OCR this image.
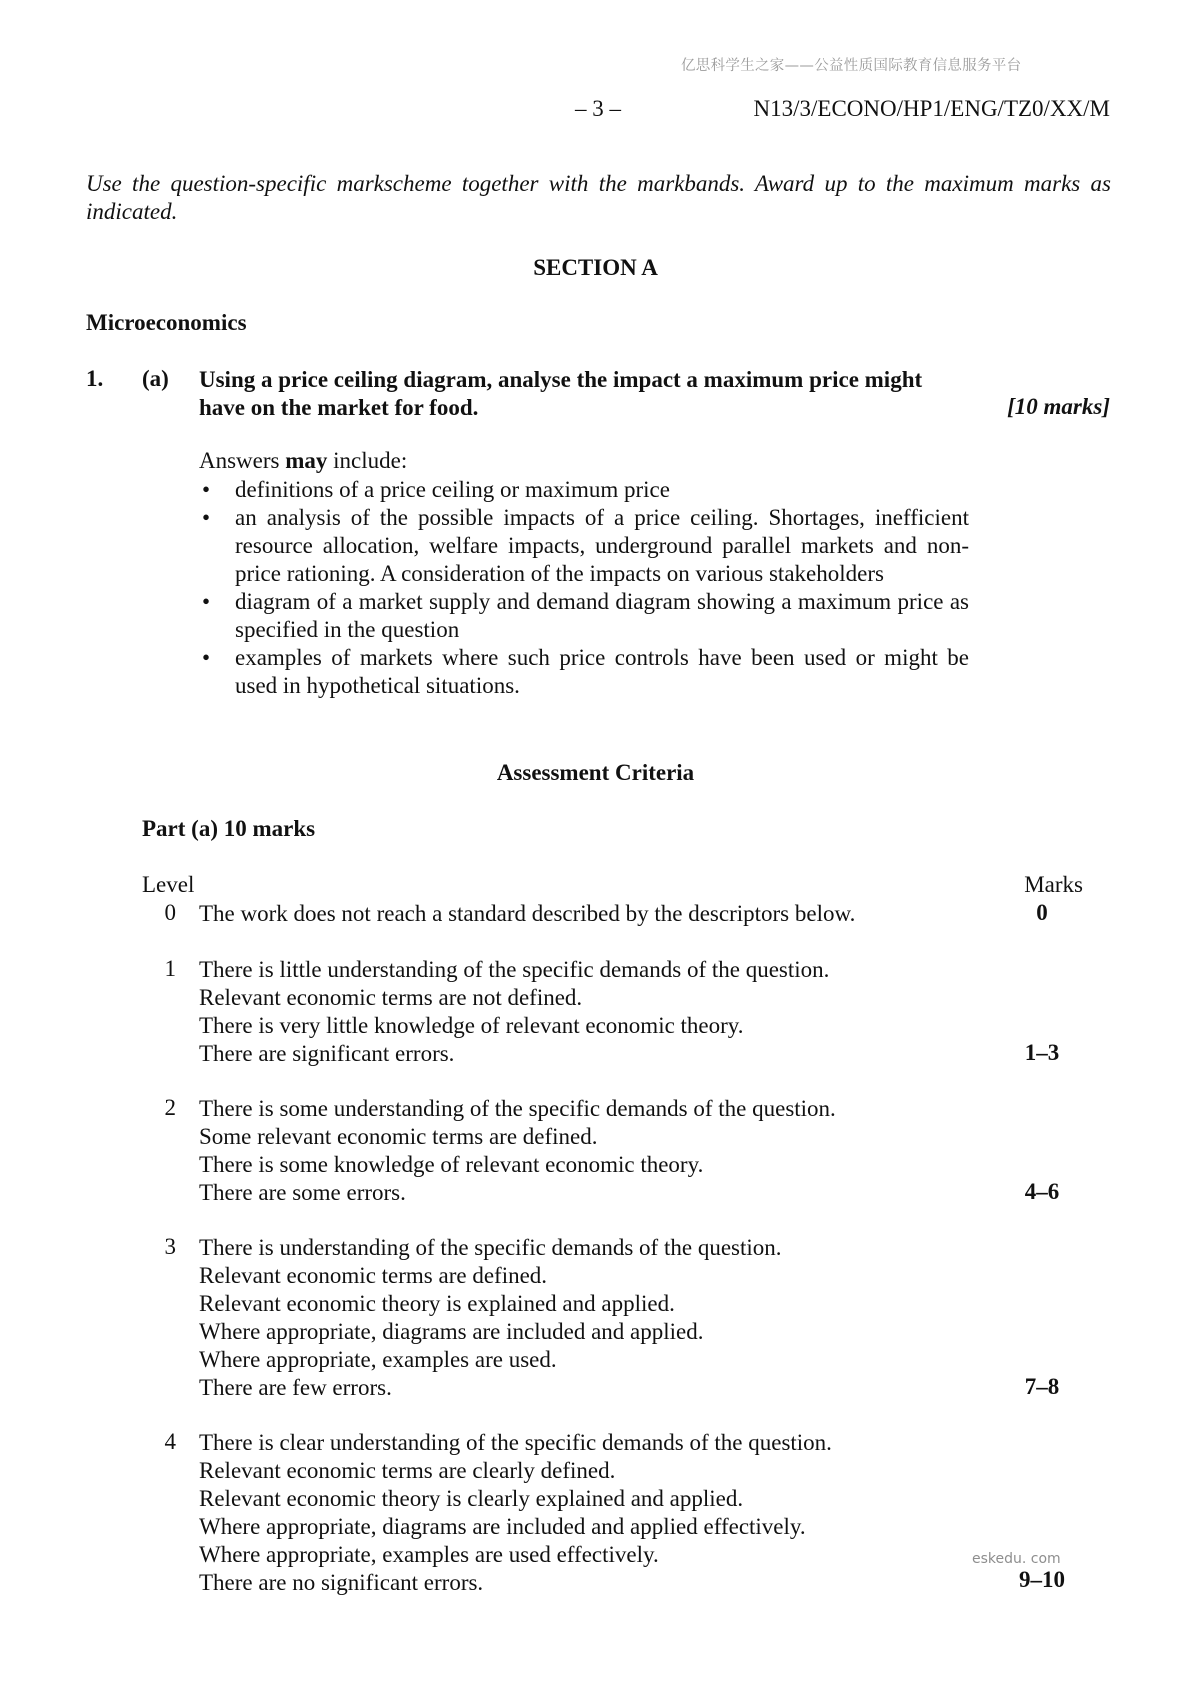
亿思科学生之家——公益性质国际教育信息服务平台
– 3 –	N13/3/ECONO/HP1/ENG/TZ0/XX/M
Use the question-specific markscheme together with the markbands. Award up to the maximum marks as indicated.
SECTION A
Microeconomics
1. (a) Using a price ceiling diagram, analyse the impact a maximum price might have on the market for food.	[10 marks]
Answers may include:
• definitions of a price ceiling or maximum price
• an analysis of the possible impacts of a price ceiling. Shortages, inefficient resource allocation, welfare impacts, underground parallel markets and non-price rationing. A consideration of the impacts on various stakeholders
• diagram of a market supply and demand diagram showing a maximum price as specified in the question
• examples of markets where such price controls have been used or might be used in hypothetical situations.
Assessment Criteria
Part (a) 10 marks
Level	Marks
0 The work does not reach a standard described by the descriptors below.	0
1 There is little understanding of the specific demands of the question.
Relevant economic terms are not defined.
There is very little knowledge of relevant economic theory.
There are significant errors.	1–3
2 There is some understanding of the specific demands of the question.
Some relevant economic terms are defined.
There is some knowledge of relevant economic theory.
There are some errors.	4–6
3 There is understanding of the specific demands of the question.
Relevant economic terms are defined.
Relevant economic theory is explained and applied.
Where appropriate, diagrams are included and applied.
Where appropriate, examples are used.
There are few errors.	7–8
4 There is clear understanding of the specific demands of the question.
Relevant economic terms are clearly defined.
Relevant economic theory is clearly explained and applied.
Where appropriate, diagrams are included and applied effectively.
Where appropriate, examples are used effectively.
There are no significant errors.	9–10
eskedu. com
